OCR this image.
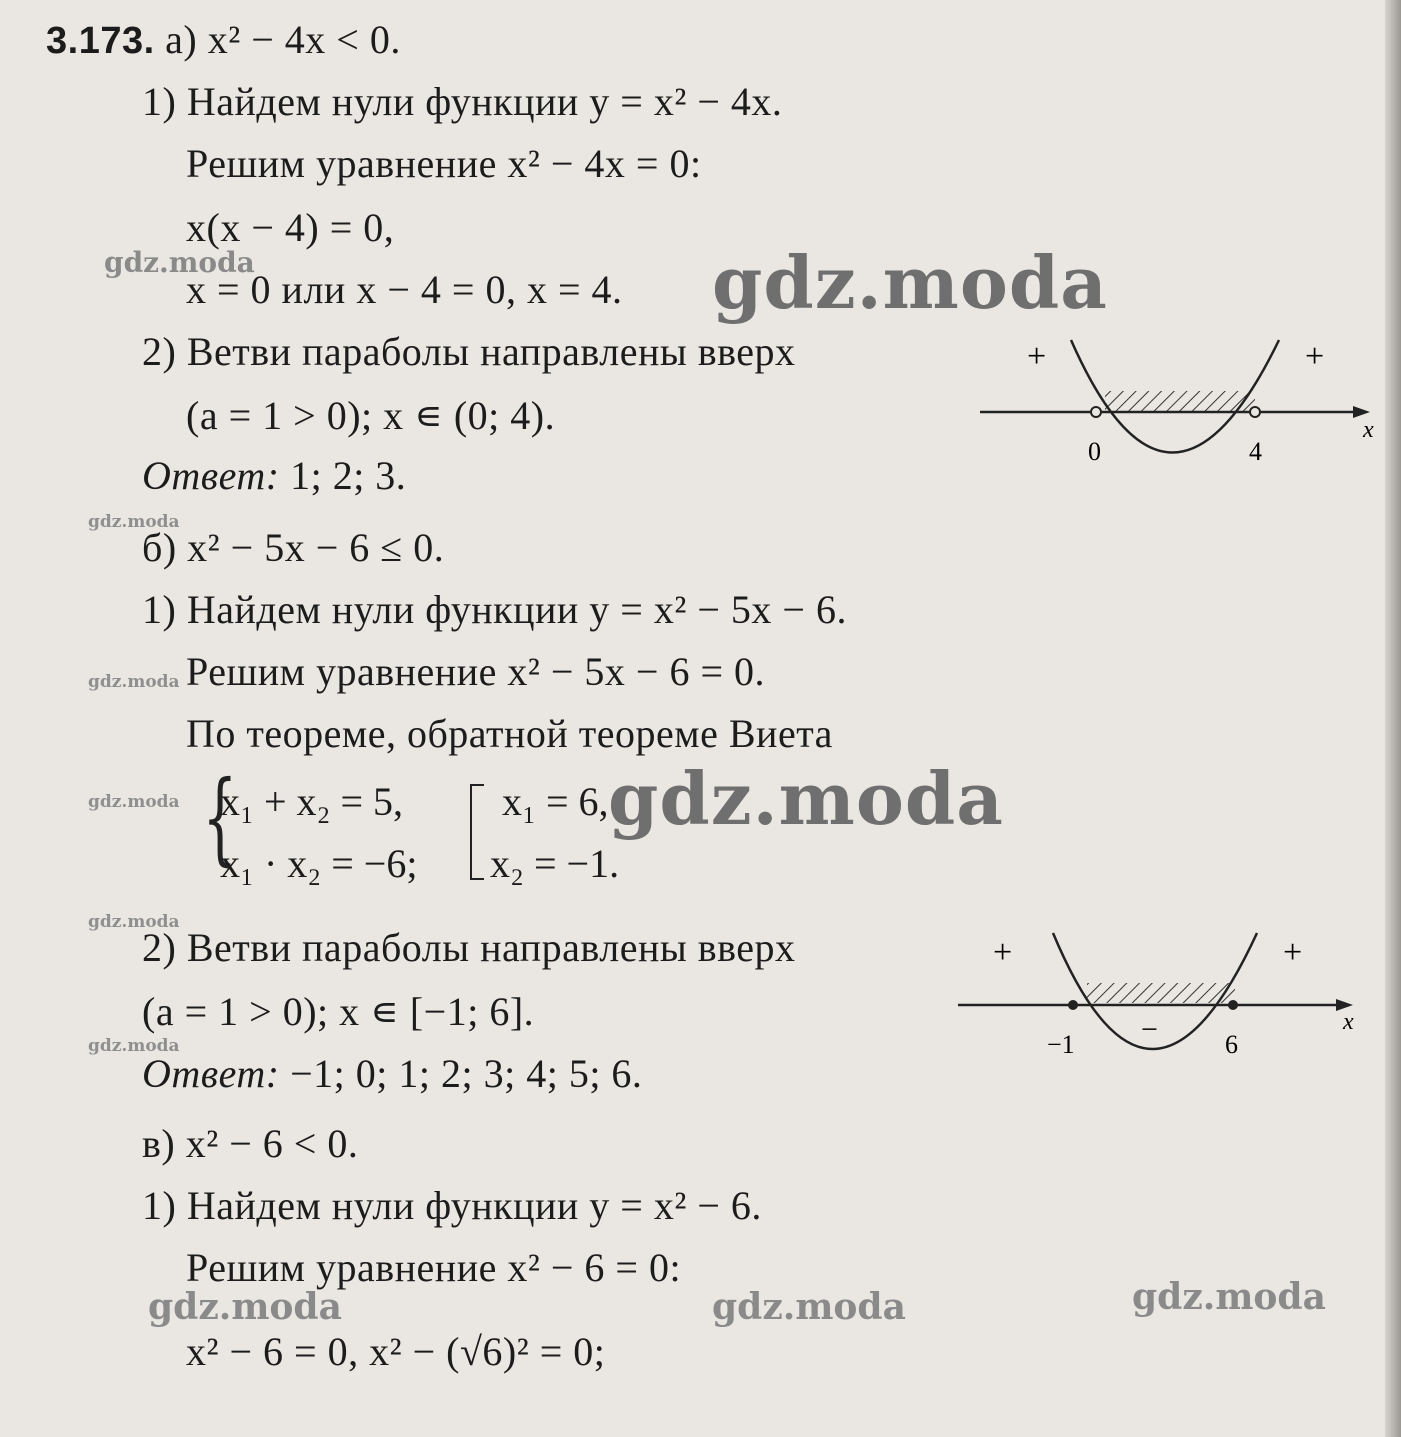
3.173. а) x² − 4x < 0.
1) Найдем нули функции y = x² − 4x.
Решим уравнение x² − 4x = 0:
x(x − 4) = 0,
x = 0 или x − 4 = 0, x = 4.
2) Ветви параболы направлены вверх
(a = 1 > 0); x ∊ (0; 4).
Ответ: 1; 2; 3.
+	+
0	4
x
б) x² − 5x − 6 ≤ 0.
1) Найдем нули функции y = x² − 5x − 6.
Решим уравнение x² − 5x − 6 = 0.
По теореме, обратной теореме Виета
{
x₁ + x₂ = 5,
x₁ · x₂ = −6;
x₁ = 6,
x₂ = −1.
2) Ветви параболы направлены вверх
(a = 1 > 0); x ∊ [−1; 6].
Ответ: −1; 0; 1; 2; 3; 4; 5; 6.
+	+
−
−1	6
x
в) x² − 6 < 0.
1) Найдем нули функции y = x² − 6.
Решим уравнение x² − 6 = 0:
x² − 6 = 0, x² − (√6)² = 0;
gdz.moda
gdz.moda
gdz.moda
gdz.moda
gdz.moda
gdz.moda
gdz.moda
gdz.moda
gdz.moda	gdz.moda	gdz.moda
